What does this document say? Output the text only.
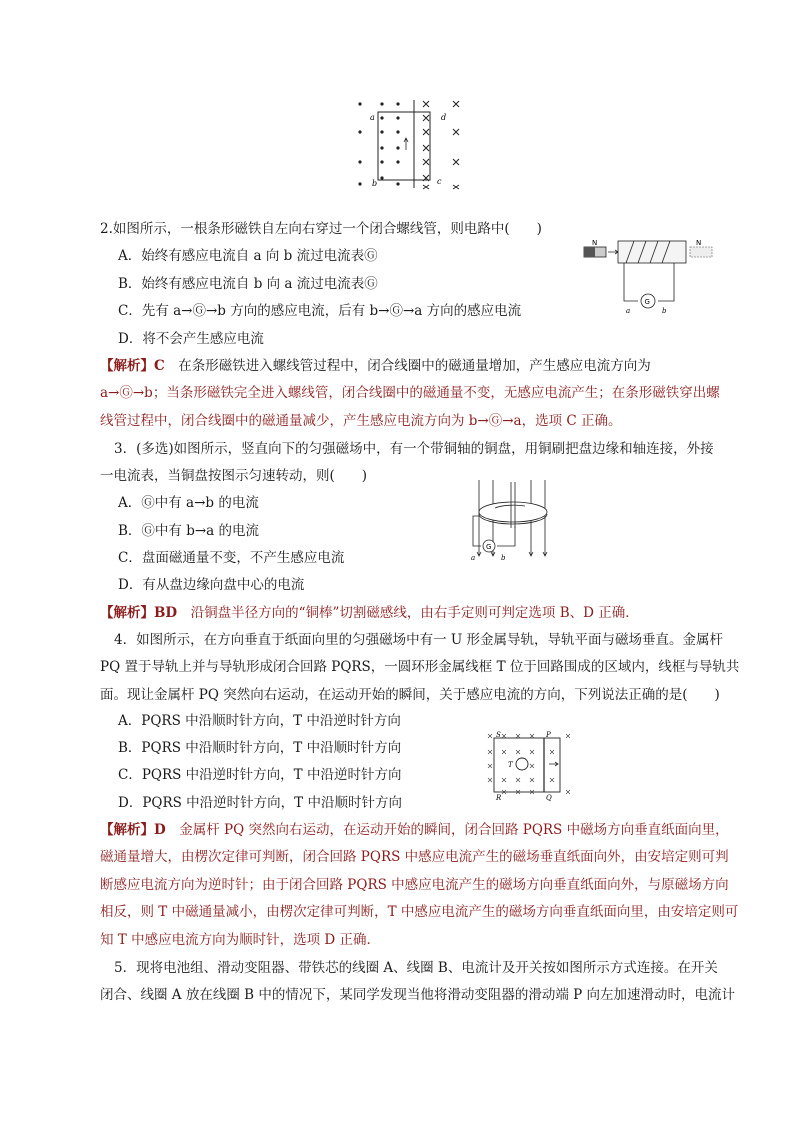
a
b
d
c
2.如图所示，一根条形磁铁自左向右穿过一个闭合螺线管，则电路中(　　)
A．始终有感应电流自 a 向 b 流过电流表Ⓖ
B．始终有感应电流自 b 向 a 流过电流表Ⓖ
C．先有 a→Ⓖ→b 方向的感应电流，后有 b→Ⓖ→a 方向的感应电流
D．将不会产生感应电流
N	N
G
a	b
【解析】C　在条形磁铁进入螺线管过程中，闭合线圈中的磁通量增加，产生感应电流方向为
a→Ⓖ→b；当条形磁铁完全进入螺线管，闭合线圈中的磁通量不变，无感应电流产生；在条形磁铁穿出螺
线管过程中，闭合线圈中的磁通量减少，产生感应电流方向为 b→Ⓖ→a，选项 C 正确。
3．(多选)如图所示，竖直向下的匀强磁场中，有一个带铜轴的铜盘，用铜刷把盘边缘和轴连接，外接
一电流表，当铜盘按图示匀速转动，则(　　)
A．Ⓖ中有 a→b 的电流
B．Ⓖ中有 b→a 的电流
C．盘面磁通量不变，不产生感应电流
D．有从盘边缘向盘中心的电流
G
a	b
【解析】BD　沿铜盘半径方向的“铜棒”切割磁感线，由右手定则可判定选项 B、D 正确．
4．如图所示，在方向垂直于纸面向里的匀强磁场中有一 U 形金属导轨，导轨平面与磁场垂直。金属杆
PQ 置于导轨上并与导轨形成闭合回路 PQRS，一圆环形金属线框 T 位于回路围成的区域内，线框与导轨共
面。现让金属杆 PQ 突然向右运动，在运动开始的瞬间，关于感应电流的方向，下列说法正确的是(　　)
A．PQRS 中沿顺时针方向，T 中沿逆时针方向
B．PQRS 中沿顺时针方向，T 中沿顺时针方向
C．PQRS 中沿逆时针方向，T 中沿逆时针方向
D．PQRS 中沿逆时针方向，T 中沿顺时针方向
S	P
R	Q
T
【解析】D　金属杆 PQ 突然向右运动，在运动开始的瞬间，闭合回路 PQRS 中磁场方向垂直纸面向里，
磁通量增大，由楞次定律可判断，闭合回路 PQRS 中感应电流产生的磁场垂直纸面向外，由安培定则可判
断感应电流方向为逆时针；由于闭合回路 PQRS 中感应电流产生的磁场方向垂直纸面向外，与原磁场方向
相反，则 T 中磁通量减小，由楞次定律可判断，T 中感应电流产生的磁场方向垂直纸面向里，由安培定则可
知 T 中感应电流方向为顺时针，选项 D 正确．
5．现将电池组、滑动变阻器、带铁芯的线圈 A、线圈 B、电流计及开关按如图所示方式连接。在开关
闭合、线圈 A 放在线圈 B 中的情况下，某同学发现当他将滑动变阻器的滑动端 P 向左加速滑动时，电流计
